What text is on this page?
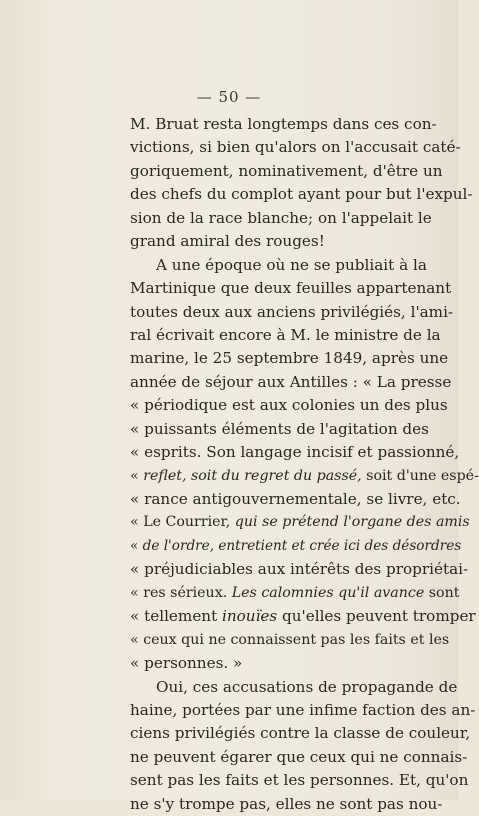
— 50 —
M. Bruat resta longtemps dans ces con-
victions, si bien qu'alors on l'accusait caté-
goriquement, nominativement, d'être un
des chefs du complot ayant pour but l'expul-
sion de la race blanche; on l'appelait le
grand amiral des rouges!
A une époque où ne se publiait à la
Martinique que deux feuilles appartenant
toutes deux aux anciens privilégiés, l'ami-
ral écrivait encore à M. le ministre de la
marine, le 25 septembre 1849, après une
année de séjour aux Antilles : « La presse
« périodique est aux colonies un des plus
« puissants éléments de l'agitation des
« esprits. Son langage incisif et passionné,
« reflet, soit du regret du passé, soit d'une espé-
« rance antigouvernementale, se livre, etc.
« Le Courrier, qui se prétend l'organe des amis
« de l'ordre, entretient et crée ici des désordres
« préjudiciables aux intérêts des propriétai-
« res sérieux. Les calomnies qu'il avance sont
« tellement inouïes qu'elles peuvent tromper
« ceux qui ne connaissent pas les faits et les
« personnes. »
Oui, ces accusations de propagande de
haine, portées par une infime faction des an-
ciens privilégiés contre la classe de couleur,
ne peuvent égarer que ceux qui ne connais-
sent pas les faits et les personnes. Et, qu'on
ne s'y trompe pas, elles ne sont pas nou-
